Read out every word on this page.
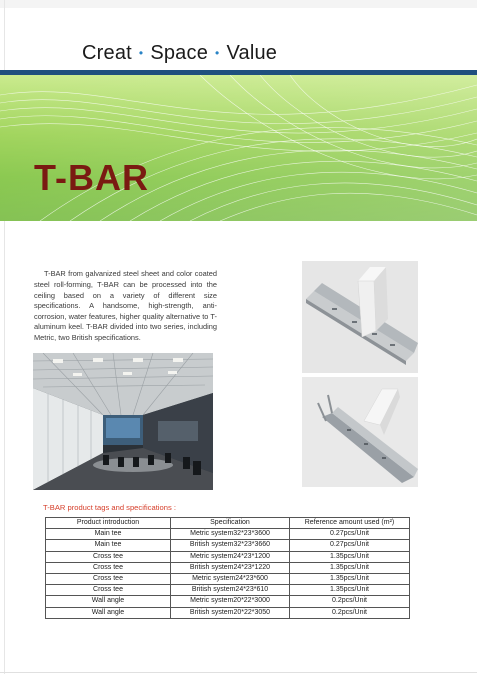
Creat • Space • Value
T-BAR

T-BAR from galvanized steel sheet and color coated steel roll-forming, T-BAR can be processed into the ceiling based on a variety of different size specifications. A handsome, high-strength, anti-corrosion, water features, higher quality alternative to T-aluminum keel. T-BAR divided into two series, including Metric, two British specifications.

T-BAR product tags and specifications :
Product introduction	Specification	Reference amount used (m²)
Main tee	Metric system32*23*3600	0.27pcs/Unit
Main tee	British system32*23*3660	0.27pcs/Unit
Cross tee	Metric system24*23*1200	1.35pcs/Unit
Cross tee	British system24*23*1220	1.35pcs/Unit
Cross tee	Metric system24*23*600	1.35pcs/Unit
Cross tee	British system24*23*610	1.35pcs/Unit
Wall angle	Metric system20*22*3000	0.2pcs/Unit
Wall angle	British system20*22*3050	0.2pcs/Unit
